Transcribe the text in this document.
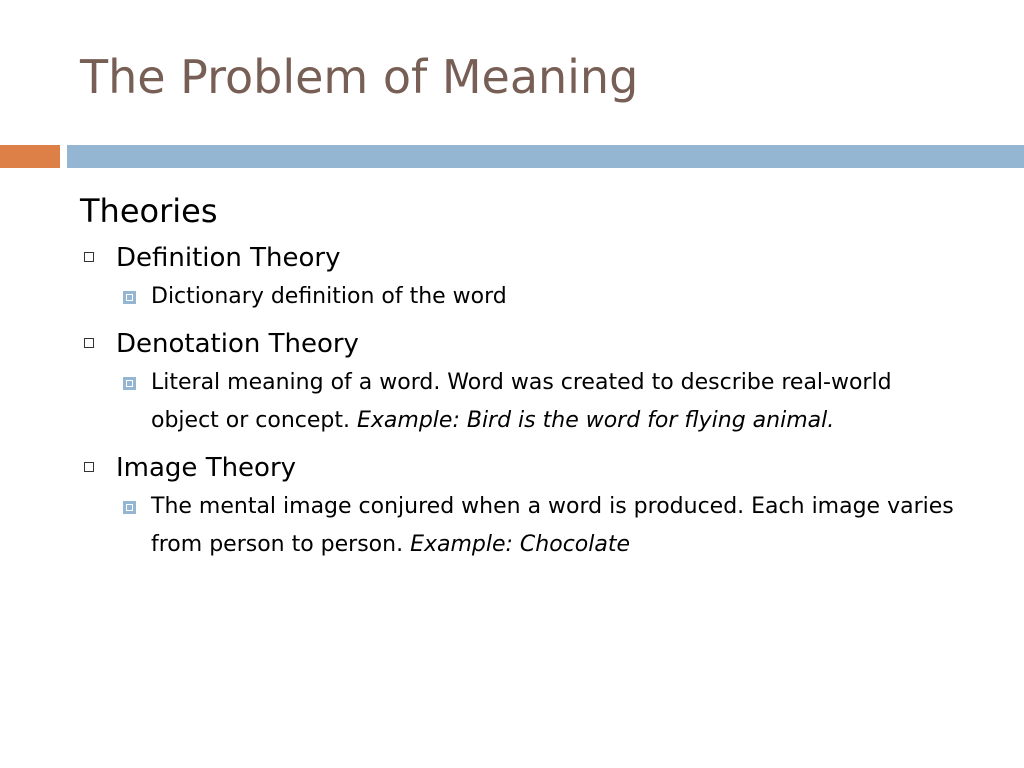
The Problem of Meaning
Theories
Definition Theory
Dictionary definition of the word
Denotation Theory
Literal meaning of a word. Word was created to describe real-world object or concept. Example: Bird is the word for flying animal.
Image Theory
The mental image conjured when a word is produced. Each image varies from person to person. Example: Chocolate
